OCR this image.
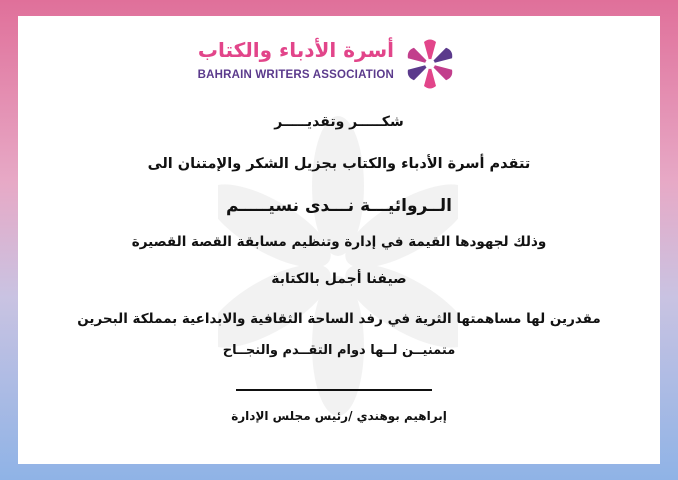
أسرة الأدباء والكتاب
BAHRAIN WRITERS ASSOCIATION
شكـــــر وتقديـــــر
تتقدم أسرة الأدباء والكتاب بجزيل الشكر والإمتنان الى
الــروائيـــة نـــدى نسيـــــم
وذلك لجهودها القيمة في إدارة وتنظيم مسابقة القصة القصيرة
صيفنا أجمل بالكتابة
مقدرين لها مساهمتها الثرية في رفد الساحة الثقافية والابداعية بمملكة البحرين
متمنيــن لــها دوام التقــدم والنجــاح
إبراهيم بوهندي /رئيس مجلس الإدارة
